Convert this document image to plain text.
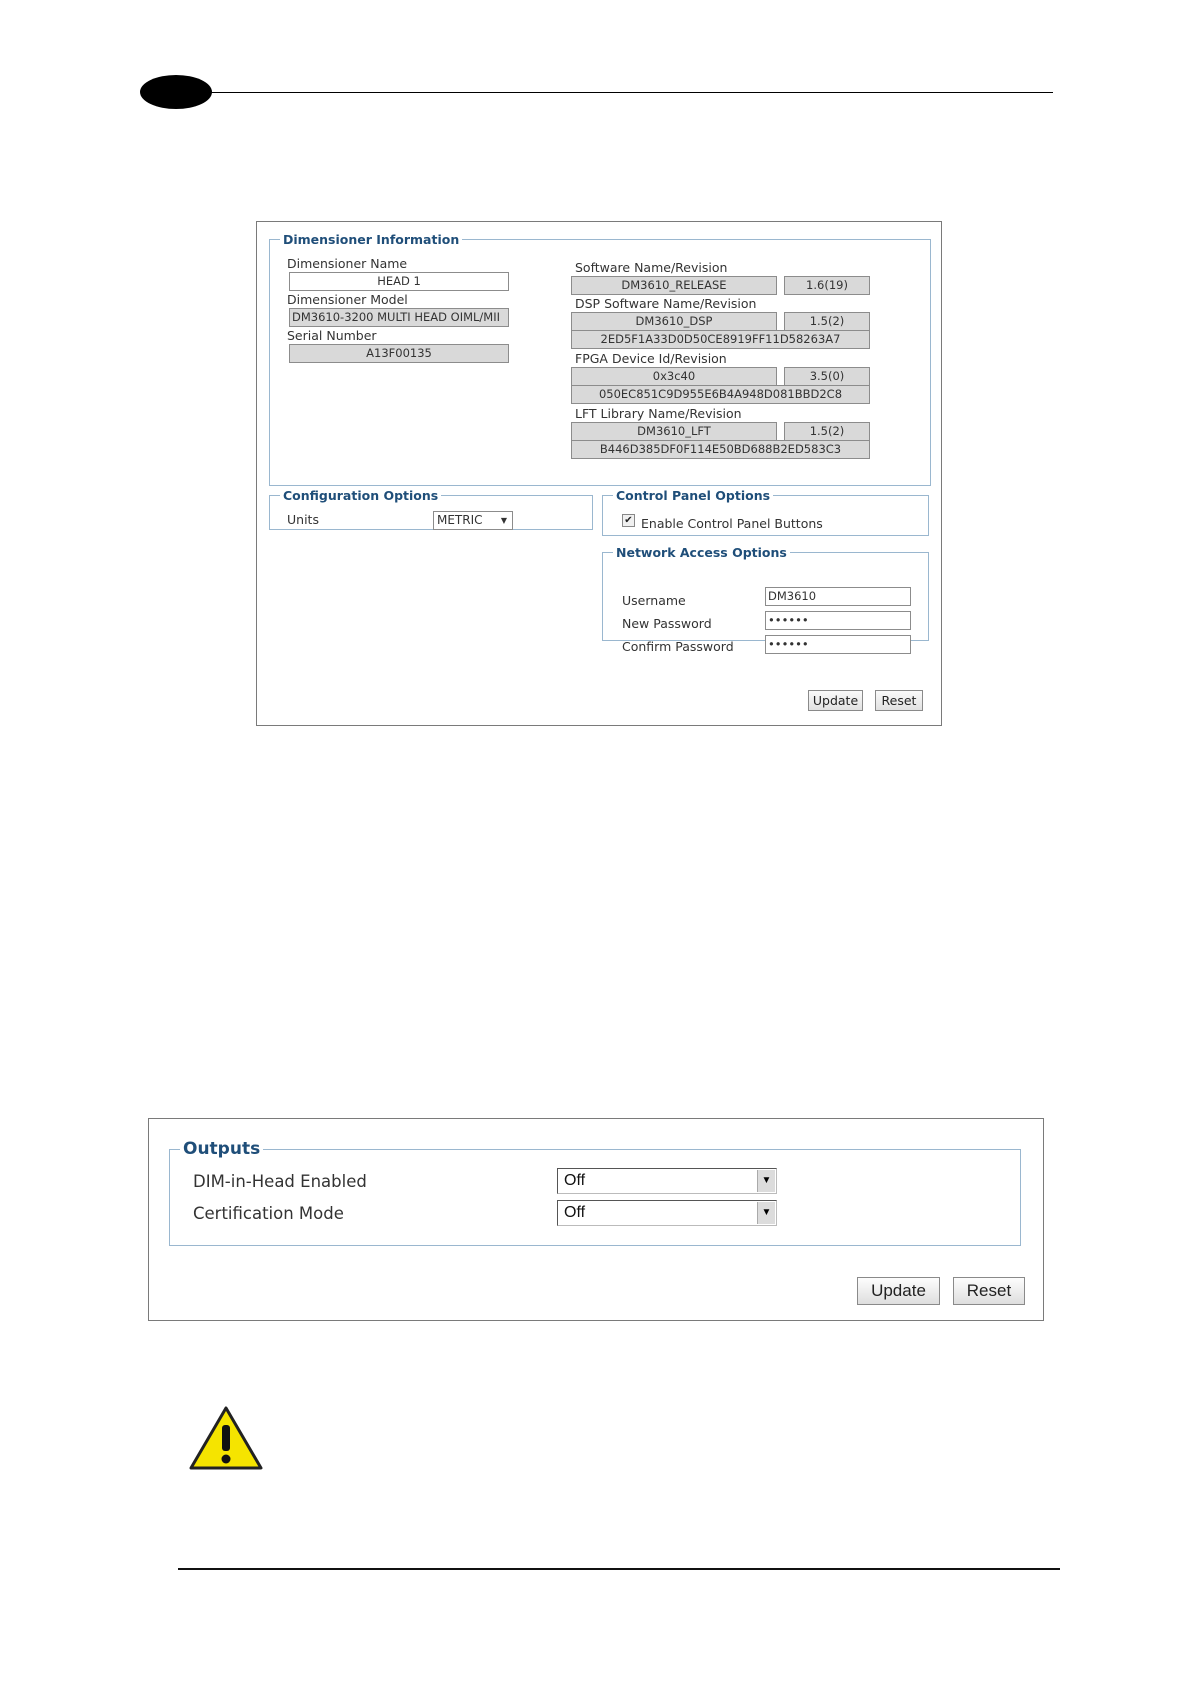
Dimensioner Information
Dimensioner Name
HEAD 1
Dimensioner Model
DM3610-3200 MULTI HEAD OIML/MII
Serial Number
A13F00135
Software Name/Revision
DM3610_RELEASE	1.6(19)
DSP Software Name/Revision
DM3610_DSP	1.5(2)
2ED5F1A33D0D50CE8919FF11D58263A7
FPGA Device Id/Revision
0x3c40	3.5(0)
050EC851C9D955E6B4A948D081BBD2C8
LFT Library Name/Revision
DM3610_LFT	1.5(2)
B446D385DF0F114E50BD688B2ED583C3
Configuration Options
Units	METRIC ▼
Control Panel Options
✔ Enable Control Panel Buttons
Network Access Options
Username	DM3610
New Password	••••••
Confirm Password	••••••
Update	Reset
Outputs
DIM-in-Head Enabled	Off	▼
Certification Mode	Off	▼
Update	Reset
